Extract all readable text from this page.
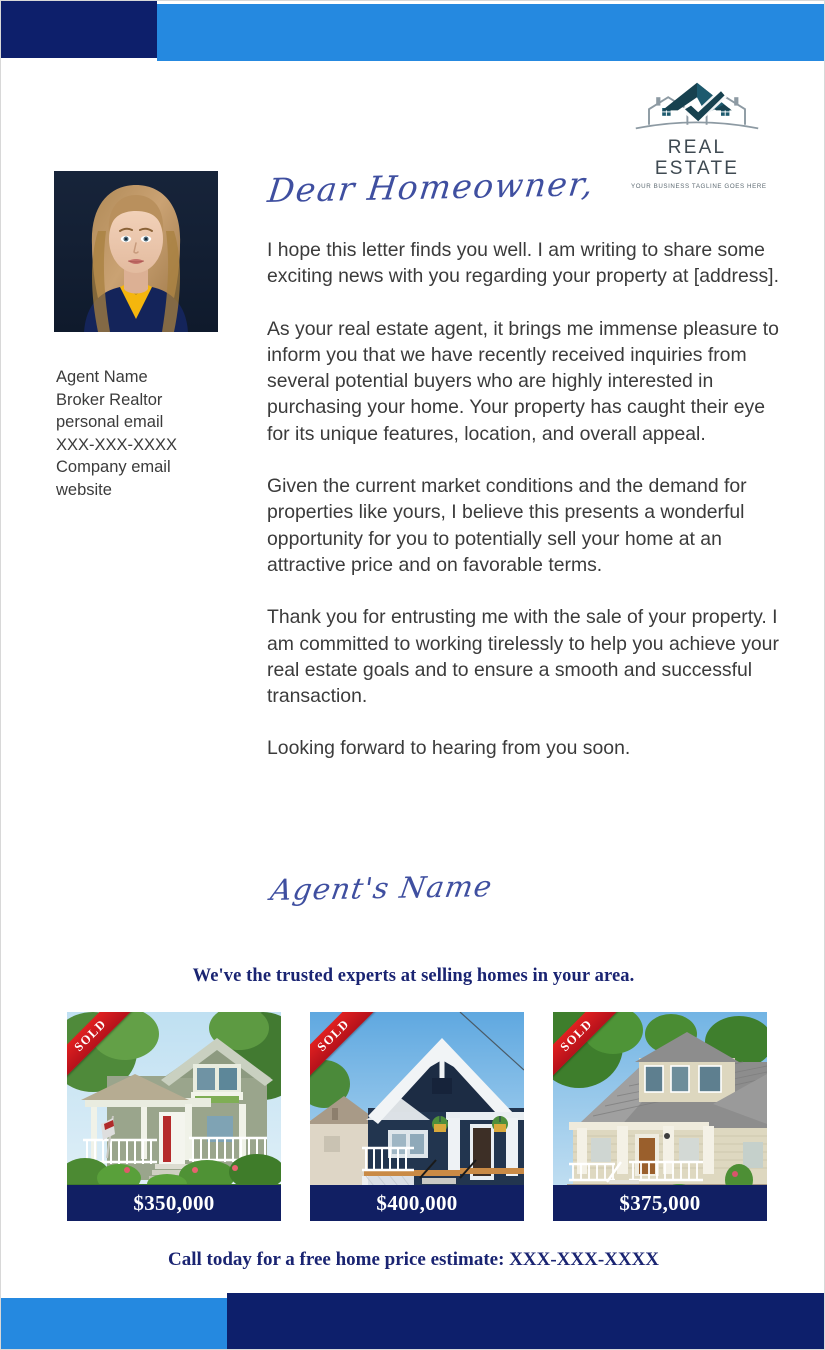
REAL ESTATE
YOUR BUSINESS TAGLINE GOES HERE
Agent Name
Broker Realtor
personal email
XXX-XXX-XXXX
Company email
website
Dear Homeowner,

I hope this letter finds you well. I am writing to share some exciting news with you regarding your property at [address].

As your real estate agent, it brings me immense pleasure to inform you that we have recently received inquiries from several potential buyers who are highly interested in purchasing your home. Your property has caught their eye for its unique features, location, and overall appeal.

Given the current market conditions and the demand for properties like yours, I believe this presents a wonderful opportunity for you to potentially sell your home at an attractive price and on favorable terms.

Thank you for entrusting me with the sale of your property. I am committed to working tirelessly to help you achieve your real estate goals and to ensure a smooth and successful transaction.

Looking forward to hearing from you soon.

Agent's Name
We've the trusted experts at selling homes in your area.
SOLD
$350,000
SOLD
$400,000
SOLD
$375,000
Call today for a free home price estimate: XXX-XXX-XXXX
